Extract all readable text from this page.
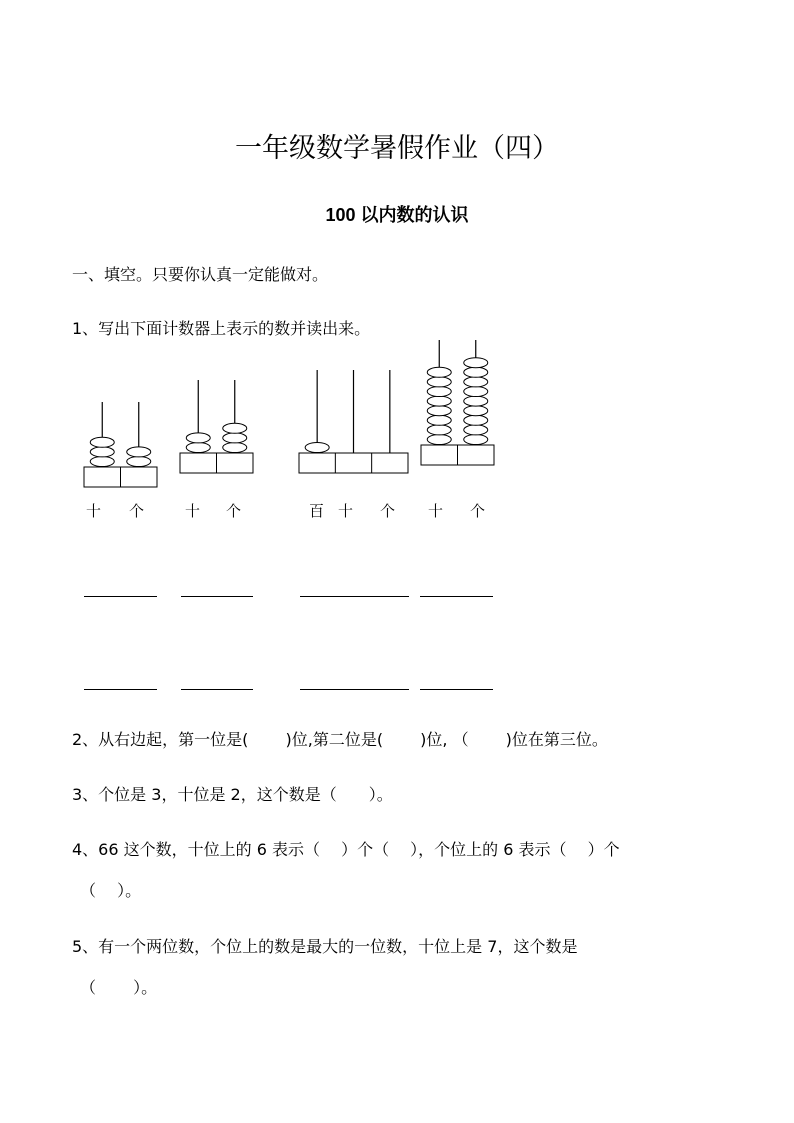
一年级数学暑假作业（四）
100 以内数的认识
一、填空。只要你认真一定能做对。
1、写出下面计数器上表示的数并读出来。
十 个	十 个	百 十 个 十 个
2、从右边起，第一位是(　　 )位,第二位是(　　 )位, （　　 )位在第三位。
3、个位是 3，十位是 2，这个数是（　　）。
4、66 这个数，十位上的 6 表示（　 ）个（　 ），个位上的 6 表示（　 ）个
（　 ）。
5、有一个两位数，个位上的数是最大的一位数，十位上是 7，这个数是
（　　 ）。
